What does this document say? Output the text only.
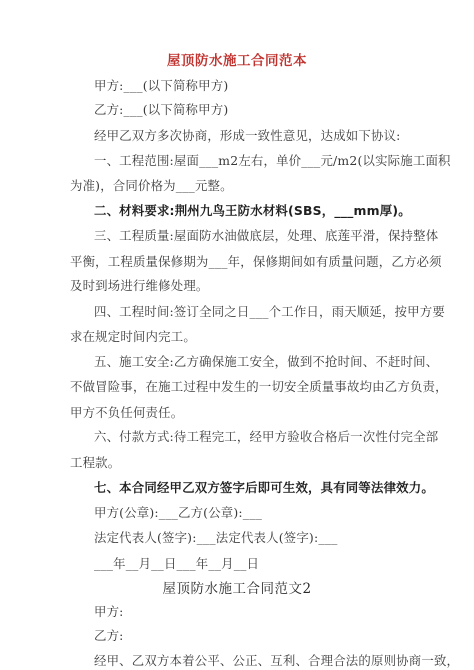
屋顶防水施工合同范本
甲方:___(以下简称甲方)
乙方:___(以下简称甲方)
经甲乙双方多次协商，形成一致性意见，达成如下协议:
一、工程范围:屋面___m2左右，单价___元/m2(以实际施工面积
为准)，合同价格为___元整。
二、材料要求:荆州九鸟王防水材料(SBS，___mm厚)。
三、工程质量:屋面防水油做底层，处理、底莲平滑，保持整体
平衡，工程质量保修期为___年，保修期间如有质量问题，乙方必须
及时到场进行维修处理。
四、工程时间:签订全同之日___个工作日，雨天顺延，按甲方要
求在规定时间内完工。
五、施工安全:乙方确保施工安全，做到不抢时间、不赶时间、
不做冒险事，在施工过程中发生的一切安全质量事故均由乙方负责，
甲方不负任何责任。
六、付款方式:待工程完工，经甲方验收合格后一次性付完全部
工程款。
七、本合同经甲乙双方签字后即可生效，具有同等法律效力。
甲方(公章):___乙方(公章):___
法定代表人(签字):___法定代表人(签字):___
___年__月__日___年__月__日
屋顶防水施工合同范文2
甲方:
乙方:
经甲、乙双方本着公平、公正、互利、合理合法的原则协商一致，
